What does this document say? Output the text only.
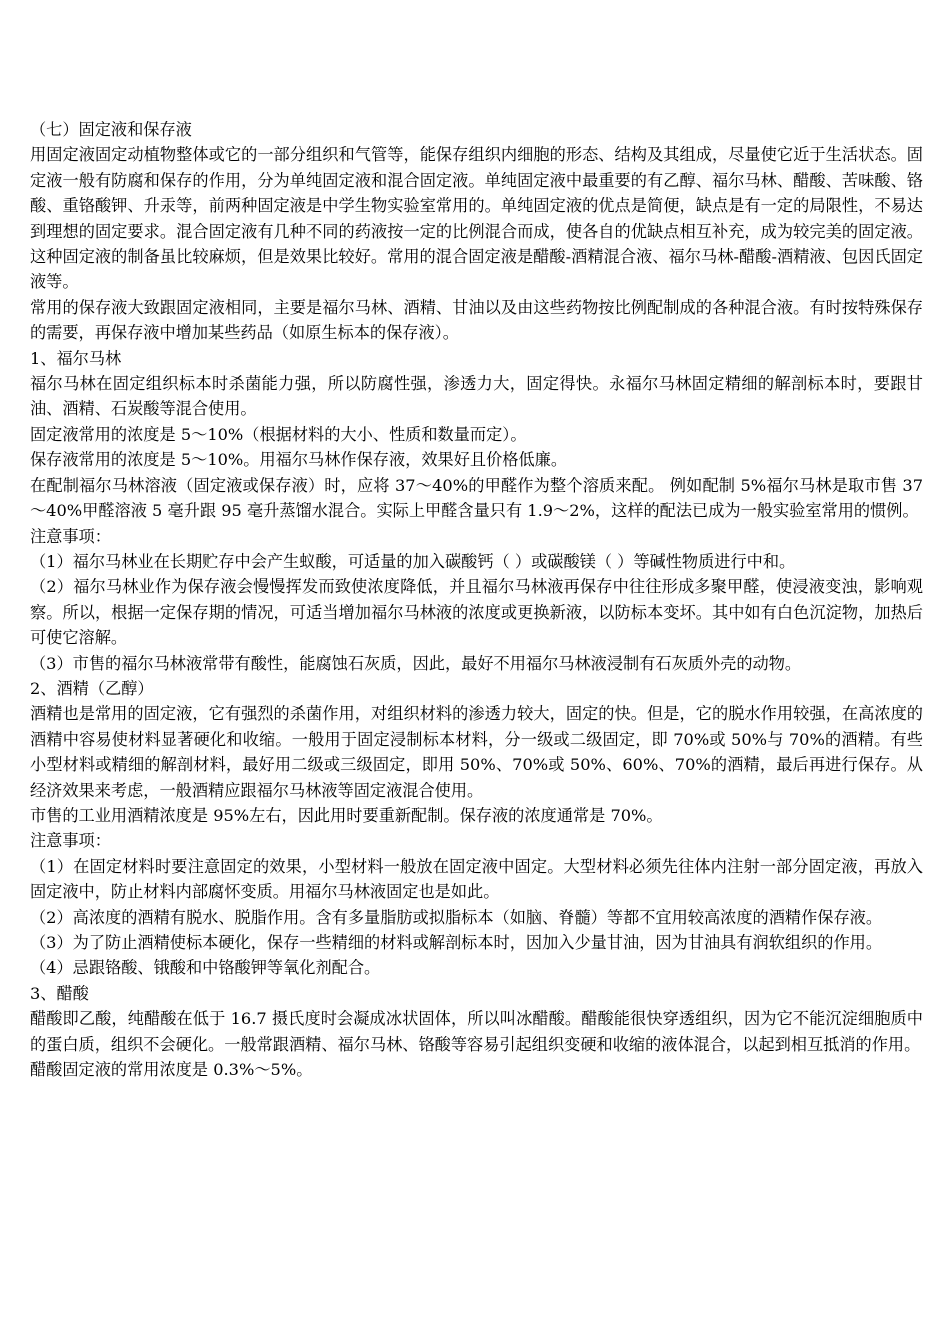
（七）固定液和保存液

用固定液固定动植物整体或它的一部分组织和气管等，能保存组织内细胞的形态、结构及其组成，尽量使它近于生活状态。固定液一般有防腐和保存的作用，分为单纯固定液和混合固定液。单纯固定液中最重要的有乙醇、福尔马林、醋酸、苦味酸、铬酸、重铬酸钾、升汞等，前两种固定液是中学生物实验室常用的。单纯固定液的优点是简便，缺点是有一定的局限性，不易达到理想的固定要求。混合固定液有几种不同的药液按一定的比例混合而成，使各自的优缺点相互补充，成为较完美的固定液。这种固定液的制备虽比较麻烦，但是效果比较好。常用的混合固定液是醋酸-酒精混合液、福尔马林-醋酸-酒精液、包因氏固定液等。

常用的保存液大致跟固定液相同，主要是福尔马林、酒精、甘油以及由这些药物按比例配制成的各种混合液。有时按特殊保存的需要，再保存液中增加某些药品（如原生标本的保存液）。

1、福尔马林

福尔马林在固定组织标本时杀菌能力强，所以防腐性强，渗透力大，固定得快。永福尔马林固定精细的解剖标本时，要跟甘油、酒精、石炭酸等混合使用。

固定液常用的浓度是 5～10%（根据材料的大小、性质和数量而定）。

保存液常用的浓度是 5～10%。用福尔马林作保存液，效果好且价格低廉。

在配制福尔马林溶液（固定液或保存液）时，应将 37～40%的甲醛作为整个溶质来配。 例如配制 5%福尔马林是取市售 37～40%甲醛溶液 5 毫升跟 95 毫升蒸馏水混合。实际上甲醛含量只有 1.9～2%，这样的配法已成为一般实验室常用的惯例。

注意事项：

（1）福尔马林业在长期贮存中会产生蚁酸，可适量的加入碳酸钙（ ）或碳酸镁（ ）等碱性物质进行中和。

（2）福尔马林业作为保存液会慢慢挥发而致使浓度降低，并且福尔马林液再保存中往往形成多聚甲醛，使浸液变浊，影响观察。所以，根据一定保存期的情况，可适当增加福尔马林液的浓度或更换新液，以防标本变坏。其中如有白色沉淀物，加热后可使它溶解。

（3）市售的福尔马林液常带有酸性，能腐蚀石灰质，因此，最好不用福尔马林液浸制有石灰质外壳的动物。

2、酒精（乙醇）

酒精也是常用的固定液，它有强烈的杀菌作用，对组织材料的渗透力较大，固定的快。但是，它的脱水作用较强，在高浓度的酒精中容易使材料显著硬化和收缩。一般用于固定浸制标本材料，分一级或二级固定，即 70%或 50%与 70%的酒精。有些小型材料或精细的解剖材料，最好用二级或三级固定，即用 50%、70%或 50%、60%、70%的酒精，最后再进行保存。从经济效果来考虑，一般酒精应跟福尔马林液等固定液混合使用。

市售的工业用酒精浓度是 95%左右，因此用时要重新配制。保存液的浓度通常是 70%。

注意事项：

（1）在固定材料时要注意固定的效果，小型材料一般放在固定液中固定。大型材料必须先往体内注射一部分固定液，再放入固定液中，防止材料内部腐怀变质。用福尔马林液固定也是如此。

（2）高浓度的酒精有脱水、脱脂作用。含有多量脂肪或拟脂标本（如脑、脊髓）等都不宜用较高浓度的酒精作保存液。

（3）为了防止酒精使标本硬化，保存一些精细的材料或解剖标本时，因加入少量甘油，因为甘油具有润软组织的作用。

（4）忌跟铬酸、锇酸和中铬酸钾等氧化剂配合。

3、醋酸

醋酸即乙酸，纯醋酸在低于 16.7 摄氏度时会凝成冰状固体，所以叫冰醋酸。醋酸能很快穿透组织，因为它不能沉淀细胞质中的蛋白质，组织不会硬化。一般常跟酒精、福尔马林、铬酸等容易引起组织变硬和收缩的液体混合，以起到相互抵消的作用。

醋酸固定液的常用浓度是 0.3%～5%。
